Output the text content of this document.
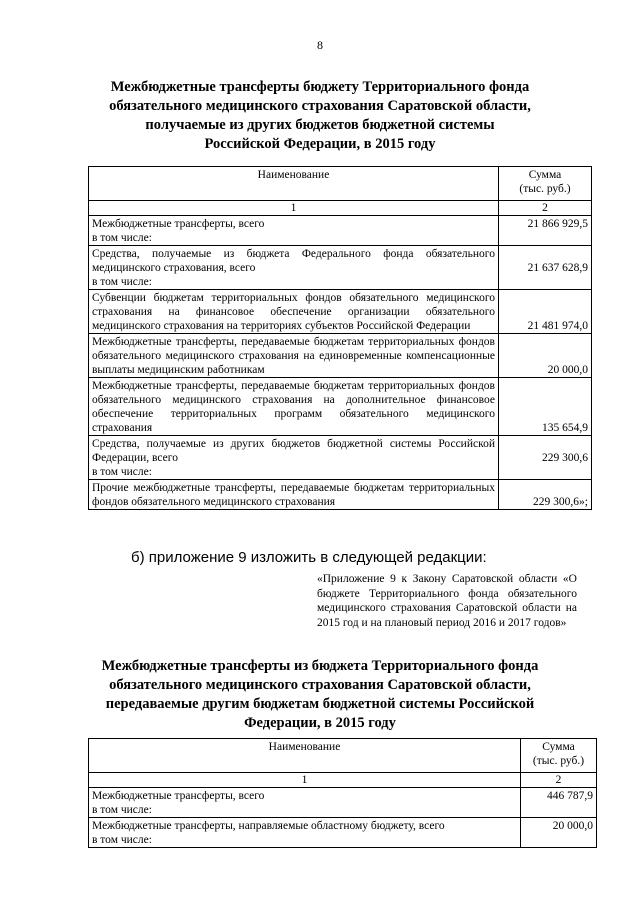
8
Межбюджетные трансферты бюджету Территориального фонда
обязательного медицинского страхования Саратовской области,
получаемые из других бюджетов бюджетной системы
Российской Федерации, в 2015 году
Наименование	Сумма
(тыс. руб.)

1	2
Межбюджетные трансферты, всего
в том числе:	21 866 929,5
Средства, получаемые из бюджета Федерального фонда обязательного медицинского страхования, всего
в том числе:	21 637 628,9
Субвенции бюджетам территориальных фондов обязательного медицинского страхования на финансовое обеспечение организации обязательного медицинского страхования на территориях субъектов Российской Федерации	21 481 974,0
Межбюджетные трансферты, передаваемые бюджетам территориальных фондов обязательного медицинского страхования на единовременные компенсационные выплаты медицинским работникам	20 000,0
Межбюджетные трансферты, передаваемые бюджетам территориальных фондов обязательного медицинского страхования на дополнительное финансовое обеспечение территориальных программ обязательного медицинского страхования	135 654,9
Средства, получаемые из других бюджетов бюджетной системы Российской Федерации, всего
в том числе:	229 300,6
Прочие межбюджетные трансферты, передаваемые бюджетам территориальных фондов обязательного медицинского страхования	229 300,6»;
б) приложение 9 изложить в следующей редакции:
«Приложение 9 к Закону Саратовской области «О бюджете Территориального фонда обязательного медицинского страхования Саратовской области на 2015 год и на плановый период 2016 и 2017 годов»
Межбюджетные трансферты из бюджета Территориального фонда
обязательного медицинского страхования Саратовской области,
передаваемые другим бюджетам бюджетной системы Российской
Федерации, в 2015 году
Наименование	Сумма
(тыс. руб.)

1	2
Межбюджетные трансферты, всего
в том числе:	446 787,9
Межбюджетные трансферты, направляемые областному бюджету, всего
в том числе:	20 000,0
